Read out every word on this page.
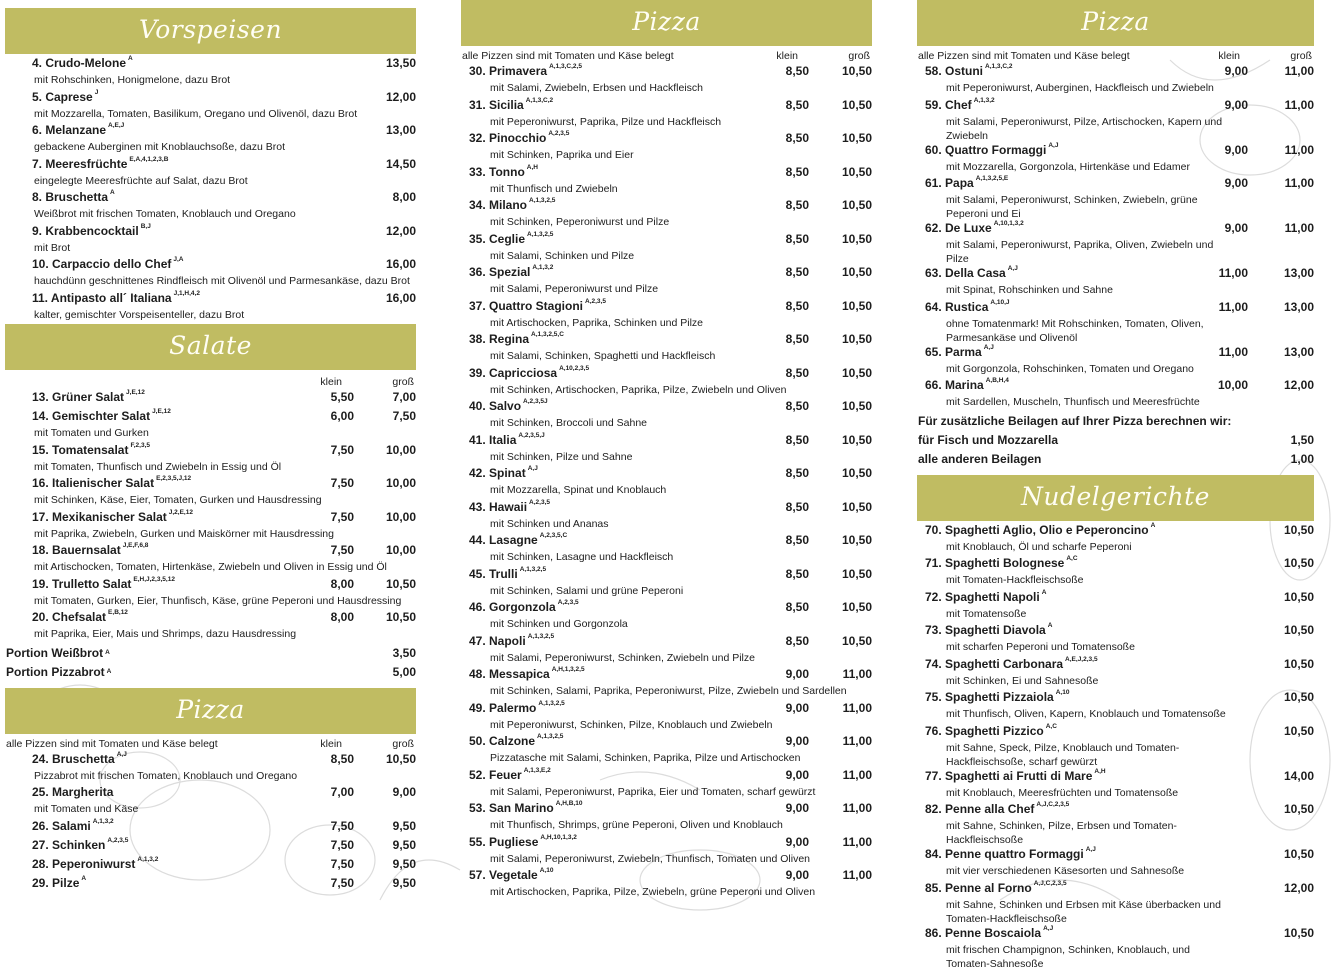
Vorspeisen
4. Crudo-Melone $^A$
mit Rohschinken, Honigmelone, dazu Brot
13,50
5. Caprese $^J$
mit Mozzarella, Tomaten, Basilikum, Oregano und Olivenöl, dazu Brot
12,00
6. Melanzane $^{A,E,J}$
gebackene Auberginen mit Knoblauchsoße, dazu Brot
13,00
7. Meeresfrüchte $^{E,A,4,1,2,3,B}$
eingelegte Meeresfrüchte auf Salat, dazu Brot
14,50
8. Bruschetta $^A$
Weißbrot mit frischen Tomaten, Knoblauch und Oregano
8,00
9. Krabbencocktail $^{B,J}$
mit Brot
12,00
10. Carpaccio dello Chef $^{J,A}$
hauchdünn geschnittenes Rindfleisch mit Olivenöl und Parmesankäse, dazu Brot
16,00
11. Antipasto all´ Italiana $^{J,1,H,4,2}$
kalter, gemischter Vorspeisenteller, dazu Brot
16,00
Salate
klein	groß
13. Grüner Salat $^{J,E,12}$	5,50	7,00
14. Gemischter Salat $^{J,E,12}$
mit Tomaten und Gurken
6,00	7,50
15. Tomatensalat $^{F,2,3,5}$
mit Tomaten, Thunfisch und Zwiebeln in Essig und Öl
7,50	10,00
16. Italienischer Salat $^{E,2,3,5,J,12}$
mit Schinken, Käse, Eier, Tomaten, Gurken und Hausdressing
7,50	10,00
17. Mexikanischer Salat $^{J,2,E,12}$
mit Paprika, Zwiebeln, Gurken und Maiskörner mit Hausdressing
7,50	10,00
18. Bauernsalat $^{J,E,F,6,8}$
mit Artischocken, Tomaten, Hirtenkäse, Zwiebeln und Oliven in Essig und Öl
7,50	10,00
19. Trulletto Salat $^{E,H,J,2,3,5,12}$
mit Tomaten, Gurken, Eier, Thunfisch, Käse, grüne Peperoni und Hausdressing
8,00	10,50
20. Chefsalat $^{E,B,12}$
mit Paprika, Eier, Mais und Shrimps, dazu Hausdressing
8,00	10,50
Portion Weißbrot $^A$	3,50
Portion Pizzabrot $^A$	5,00
Pizza
alle Pizzen sind mit Tomaten und Käse belegt	klein	groß
24. Bruschetta $^{A,J}$
Pizzabrot mit frischen Tomaten, Knoblauch und Oregano
8,50	10,50
25. Margherita
mit Tomaten und Käse
7,00	9,00
26. Salami $^{A,1,3,2}$	7,50	9,50
27. Schinken $^{A,2,3,5}$	7,50	9,50
28. Peperoniwurst $^{A,1,3,2}$	7,50	9,50
29. Pilze $^A$	7,50	9,50
Pizza
alle Pizzen sind mit Tomaten und Käse belegt	klein	groß
30. Primavera $^{A,1,3,C,2,5}$
mit Salami, Zwiebeln, Erbsen und Hackfleisch
8,50	10,50
31. Sicilia $^{A,1,3,C,2}$
mit Peperoniwurst, Paprika, Pilze und Hackfleisch
8,50	10,50
32. Pinocchio $^{A,2,3,5}$
mit Schinken, Paprika und Eier
8,50	10,50
33. Tonno $^{A,H}$
mit Thunfisch und Zwiebeln
8,50	10,50
34. Milano $^{A,1,3,2,5}$
mit Schinken, Peperoniwurst und Pilze
8,50	10,50
35. Ceglie $^{A,1,3,2,5}$
mit Salami, Schinken und Pilze
8,50	10,50
36. Spezial $^{A,1,3,2}$
mit Salami, Peperoniwurst und Pilze
8,50	10,50
37. Quattro Stagioni $^{A,2,3,5}$
mit Artischocken, Paprika, Schinken und Pilze
8,50	10,50
38. Regina $^{A,1,3,2,5,C}$
mit Salami, Schinken, Spaghetti und Hackfleisch
8,50	10,50
39. Capricciosa $^{A,10,2,3,5}$
mit Schinken, Artischocken, Paprika, Pilze, Zwiebeln und Oliven
8,50	10,50
40. Salvo $^{A,2,3,5J}$
mit Schinken, Broccoli und Sahne
8,50	10,50
41. Italia $^{A,2,3,5,J}$
mit Schinken, Pilze und Sahne
8,50	10,50
42. Spinat $^{A,J}$
mit Mozzarella, Spinat und Knoblauch
8,50	10,50
43. Hawaii $^{A,2,3,5}$
mit Schinken und Ananas
8,50	10,50
44. Lasagne $^{A,2,3,5,C}$
mit Schinken, Lasagne und Hackfleisch
8,50	10,50
45. Trulli $^{A,1,3,2,5}$
mit Schinken, Salami und grüne Peperoni
8,50	10,50
46. Gorgonzola $^{A,2,3,5}$
mit Schinken und Gorgonzola
8,50	10,50
47. Napoli $^{A,1,3,2,5}$
mit Salami, Peperoniwurst, Schinken, Zwiebeln und Pilze
8,50	10,50
48. Messapica $^{A,H,1,3,2,5}$
mit Schinken, Salami, Paprika, Peperoniwurst, Pilze, Zwiebeln und Sardellen
9,00	11,00
49. Palermo $^{A,1,3,2,5}$
mit Peperoniwurst, Schinken, Pilze, Knoblauch und Zwiebeln
9,00	11,00
50. Calzone $^{A,1,3,2,5}$
Pizzatasche mit Salami, Schinken, Paprika, Pilze und Artischocken
9,00	11,00
52. Feuer $^{A,1,3,E,2}$
mit Salami, Peperoniwurst, Paprika, Eier und Tomaten, scharf gewürzt
9,00	11,00
53. San Marino $^{A,H,B,10}$
mit Thunfisch, Shrimps, grüne Peperoni, Oliven und Knoblauch
9,00	11,00
55. Pugliese $^{A,H,10,1,3,2}$
mit Salami, Peperoniwurst, Zwiebeln, Thunfisch, Tomaten und Oliven
9,00	11,00
57. Vegetale $^{A,10}$
mit Artischocken, Paprika, Pilze, Zwiebeln, grüne Peperoni und Oliven
9,00	11,00
Pizza
alle Pizzen sind mit Tomaten und Käse belegt	klein	groß
58. Ostuni $^{A,1,3,C,2}$
mit Peperoniwurst, Auberginen, Hackfleisch und Zwiebeln
9,00	11,00
59. Chef $^{A,1,3,2}$
mit Salami, Peperoniwurst, Pilze, Artischocken, Kapern und Zwiebeln
9,00	11,00
60. Quattro Formaggi $^{A,J}$
mit Mozzarella, Gorgonzola, Hirtenkäse und Edamer
9,00	11,00
61. Papa $^{A,1,3,2,5,E}$
mit Salami, Peperoniwurst, Schinken, Zwiebeln, grüne Peperoni und Ei
9,00	11,00
62. De Luxe $^{A,10,1,3,2}$
mit Salami, Peperoniwurst, Paprika, Oliven, Zwiebeln und Pilze
9,00	11,00
63. Della Casa $^{A,J}$
mit Spinat, Rohschinken und Sahne
11,00	13,00
64. Rustica $^{A,10,J}$
ohne Tomatenmark! Mit Rohschinken, Tomaten, Oliven, Parmesankäse und Olivenöl
11,00	13,00
65. Parma $^{A,J}$
mit Gorgonzola, Rohschinken, Tomaten und Oregano
11,00	13,00
66. Marina $^{A,B,H,4}$
mit Sardellen, Muscheln, Thunfisch und Meeresfrüchte
10,00	12,00
Für zusätzliche Beilagen auf Ihrer Pizza berechnen wir:
für Fisch und Mozzarella	1,50
alle anderen Beilagen	1,00
Nudelgerichte
70. Spaghetti Aglio, Olio e Peperoncino $^A$
mit Knoblauch, Öl und scharfe Peperoni
10,50
71. Spaghetti Bolognese $^{A,C}$
mit Tomaten-Hackfleischsoße
10,50
72. Spaghetti Napoli $^A$
mit Tomatensoße
10,50
73. Spaghetti Diavola $^A$
mit scharfen Peperoni und Tomatensoße
10,50
74. Spaghetti Carbonara $^{A,E,J,2,3,5}$
mit Schinken, Ei und Sahnesoße
10,50
75. Spaghetti Pizzaiola $^{A,10}$
mit Thunfisch, Oliven, Kapern, Knoblauch und Tomatensoße
10,50
76. Spaghetti Pizzico $^{A,C}$
mit Sahne, Speck, Pilze, Knoblauch und Tomaten-Hackfleischsoße, scharf gewürzt
10,50
77. Spaghetti ai Frutti di Mare $^{A,H}$
mit Knoblauch, Meeresfrüchten und Tomatensoße
14,00
82. Penne alla Chef $^{A,J,C,2,3,5}$
mit Sahne, Schinken, Pilze, Erbsen und Tomaten-Hackfleischsoße
10,50
84. Penne quattro Formaggi $^{A,J}$
mit vier verschiedenen Käsesorten und Sahnesoße
10,50
85. Penne al Forno $^{A,J,C,2,3,5}$
mit Sahne, Schinken und Erbsen mit Käse überbacken und Tomaten-Hackfleischsoße
12,00
86. Penne Boscaiola $^{A,J}$
mit frischen Champignon, Schinken, Knoblauch, und Tomaten-Sahnesoße
10,50
